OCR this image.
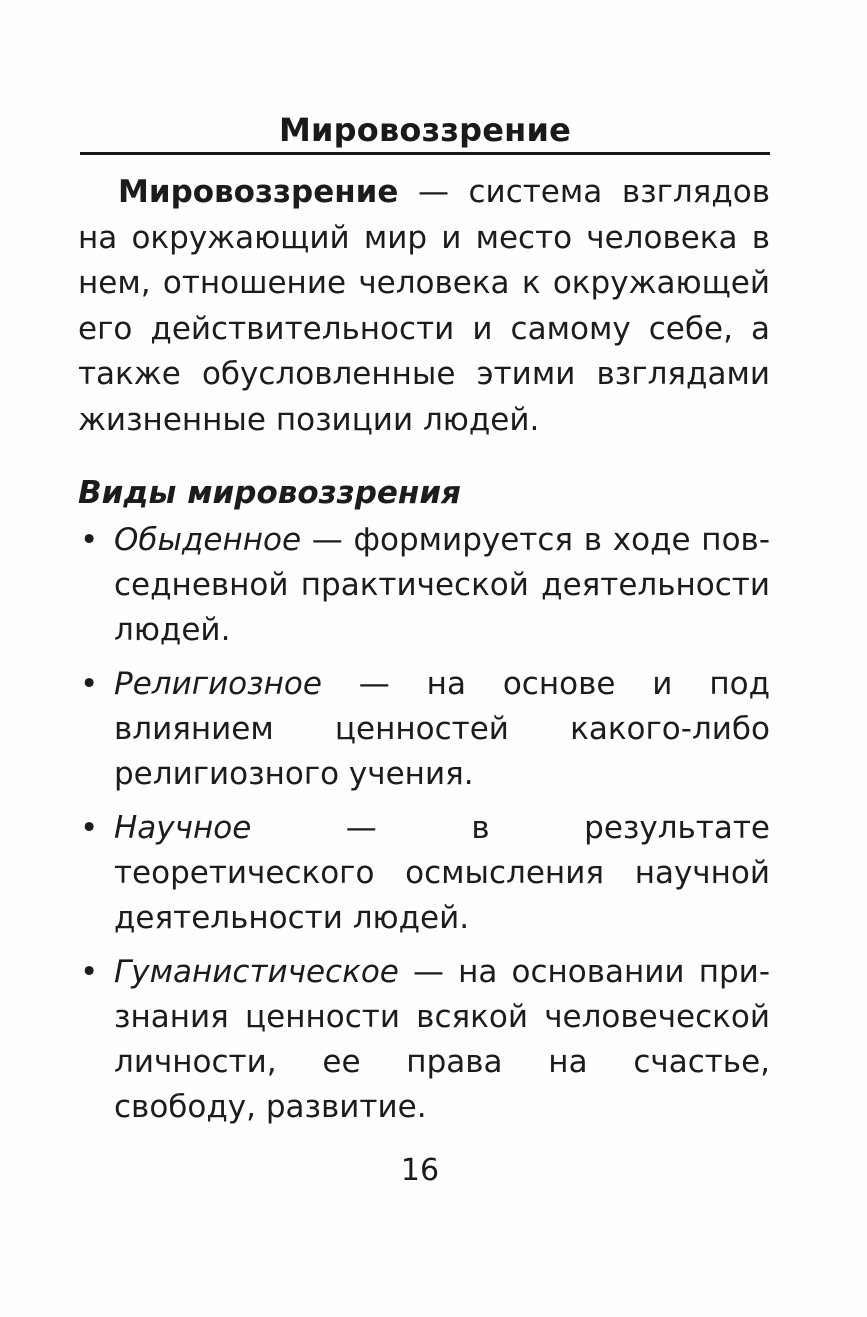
Мировоззрение

Мировоззрение — система взглядов на окружающий мир и место человека в нем, отношение человека к окружающей его действительности и самому себе, а также обусловленные этими взглядами жизненные позиции людей.

Виды мировоззрения
• Обыденное — формируется в ходе повседневной практической деятельности людей.
• Религиозное — на основе и под влиянием ценностей какого-либо религиозного учения.
• Научное — в результате теоретического осмысления научной деятельности людей.
• Гуманистическое — на основании признания ценности всякой человеческой личности, ее права на счастье, свободу, развитие.
16
